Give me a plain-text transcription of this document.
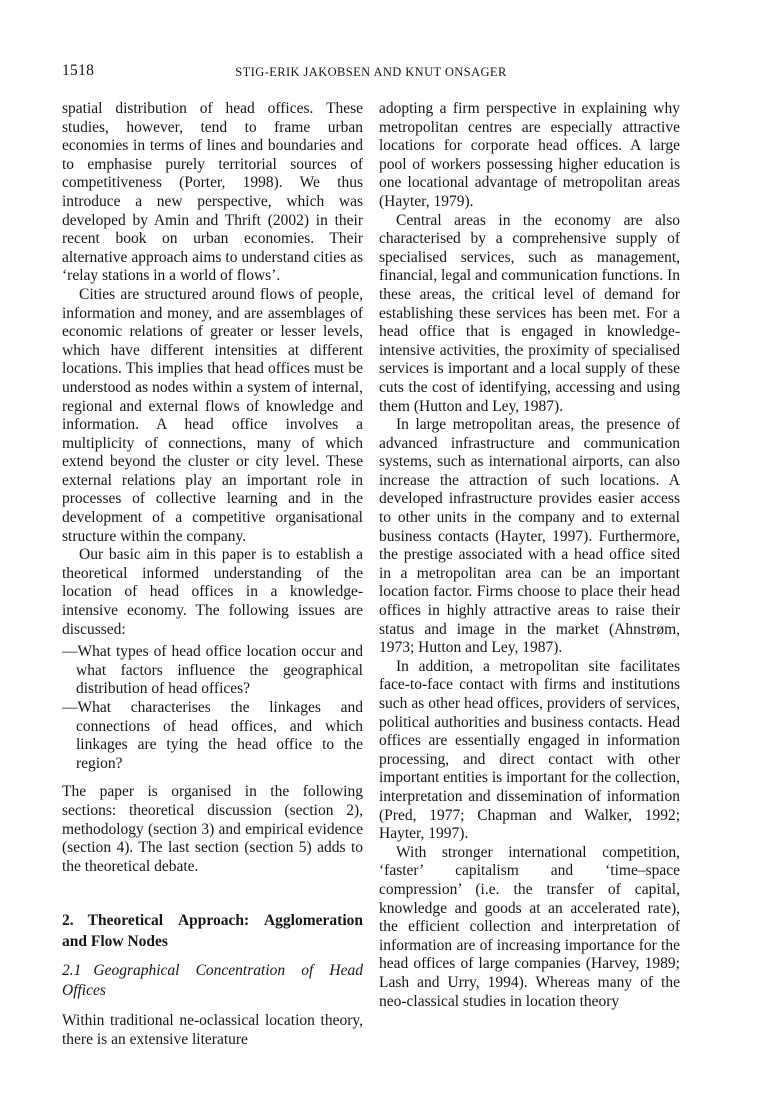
1518	STIG-ERIK JAKOBSEN AND KNUT ONSAGER

spatial distribution of head offices. These studies, however, tend to frame urban economies in terms of lines and boundaries and to emphasise purely territorial sources of competitiveness (Porter, 1998). We thus introduce a new perspective, which was developed by Amin and Thrift (2002) in their recent book on urban economies. Their alternative approach aims to understand cities as ‘relay stations in a world of flows’.

Cities are structured around flows of people, information and money, and are assemblages of economic relations of greater or lesser levels, which have different intensities at different locations. This implies that head offices must be understood as nodes within a system of internal, regional and external flows of knowledge and information. A head office involves a multiplicity of connections, many of which extend beyond the cluster or city level. These external relations play an important role in processes of collective learning and in the development of a competitive organisational structure within the company.

Our basic aim in this paper is to establish a theoretical informed understanding of the location of head offices in a knowledge-intensive economy. The following issues are discussed:

—What types of head office location occur and what factors influence the geographical distribution of head offices?

—What characterises the linkages and connections of head offices, and which linkages are tying the head office to the region?

The paper is organised in the following sections: theoretical discussion (section 2), methodology (section 3) and empirical evidence (section 4). The last section (section 5) adds to the theoretical debate.

2. Theoretical Approach: Agglomeration and Flow Nodes
2.1 Geographical Concentration of Head Offices

Within traditional ne-oclassical location theory, there is an extensive literature

adopting a firm perspective in explaining why metropolitan centres are especially attractive locations for corporate head offices. A large pool of workers possessing higher education is one locational advantage of metropolitan areas (Hayter, 1979).

Central areas in the economy are also characterised by a comprehensive supply of specialised services, such as management, financial, legal and communication functions. In these areas, the critical level of demand for establishing these services has been met. For a head office that is engaged in knowledge-intensive activities, the proximity of specialised services is important and a local supply of these cuts the cost of identifying, accessing and using them (Hutton and Ley, 1987).

In large metropolitan areas, the presence of advanced infrastructure and communication systems, such as international airports, can also increase the attraction of such locations. A developed infrastructure provides easier access to other units in the company and to external business contacts (Hayter, 1997). Furthermore, the prestige associated with a head office sited in a metropolitan area can be an important location factor. Firms choose to place their head offices in highly attractive areas to raise their status and image in the market (Ahnstrøm, 1973; Hutton and Ley, 1987).

In addition, a metropolitan site facilitates face-to-face contact with firms and institutions such as other head offices, providers of services, political authorities and business contacts. Head offices are essentially engaged in information processing, and direct contact with other important entities is important for the collection, interpretation and dissemination of information (Pred, 1977; Chapman and Walker, 1992; Hayter, 1997).

With stronger international competition, ‘faster’ capitalism and ‘time–space compression’ (i.e. the transfer of capital, knowledge and goods at an accelerated rate), the efficient collection and interpretation of information are of increasing importance for the head offices of large companies (Harvey, 1989; Lash and Urry, 1994). Whereas many of the neo-classical studies in location theory
